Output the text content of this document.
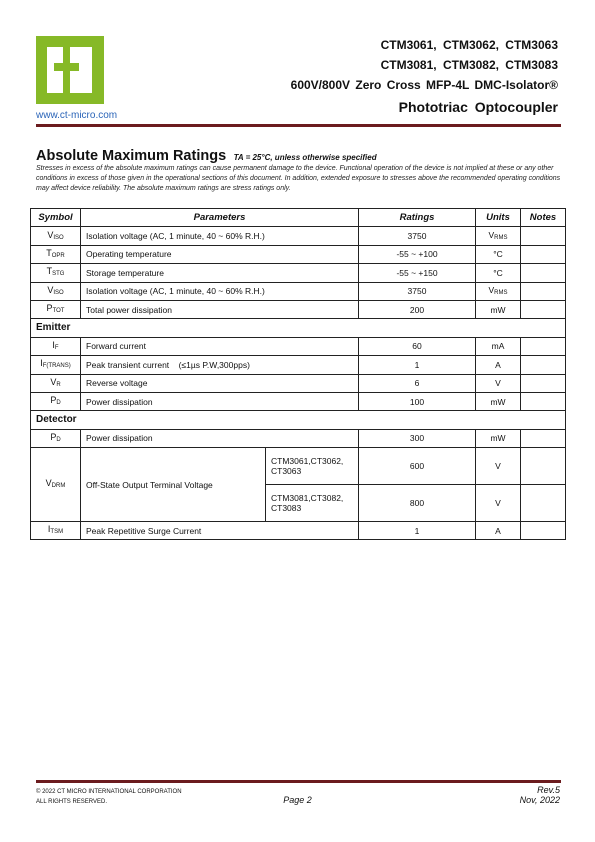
www.ct-micro.com
CTM3061, CTM3062, CTM3063
CTM3081, CTM3082, CTM3083
600V/800V Zero Cross MFP-4L DMC-Isolator®
Phototriac Optocoupler
Absolute Maximum Ratings TA = 25°C, unless otherwise specified
Stresses in excess of the absolute maximum ratings can cause permanent damage to the device. Functional operation of the device is not implied at these or any other conditions in excess of those given in the operational sections of this document. In addition, extended exposure to stresses above the recommended operating conditions may affect device reliability. The absolute maximum ratings are stress ratings only.
Symbol	Parameters		Ratings	Units	Notes
$V_{ISO}$	Isolation voltage (AC, 1 minute, 40 ~ 60% R.H.)		3750	$V_{RMS}$	
$T_{OPR}$	Operating temperature		-55 ~ +100	°C	
$T_{STG}$	Storage temperature		-55 ~ +150	°C	
$V_{ISO}$	Isolation voltage (AC, 1 minute, 40 ~ 60% R.H.)		3750	$V_{RMS}$	
$P_{TOT}$	Total power dissipation		200	mW	
Emitter					
$I_F$	Forward current		60	mA	
$I_{F(TRANS)}$	Peak transient current    (≤1µs P.W,300pps)		1	A	
$V_R$	Reverse voltage		6	V	
$P_D$	Power dissipation		100	mW	
Detector					
$P_D$	Power dissipation		300	mW	
$V_{DRM}$	Off-State Output Terminal Voltage	CTM3061,CT3062,
CT3063	600	V	

		CTM3081,CT3082,
CT3083	800	V	
$I_{TSM}$	Peak Repetitive Surge Current		1	A	
© 2022 CT MICRO INTERNATIONAL CORPORATION
ALL RIGHTS RESERVED.	Page 2
Rev.5
Nov, 2022
